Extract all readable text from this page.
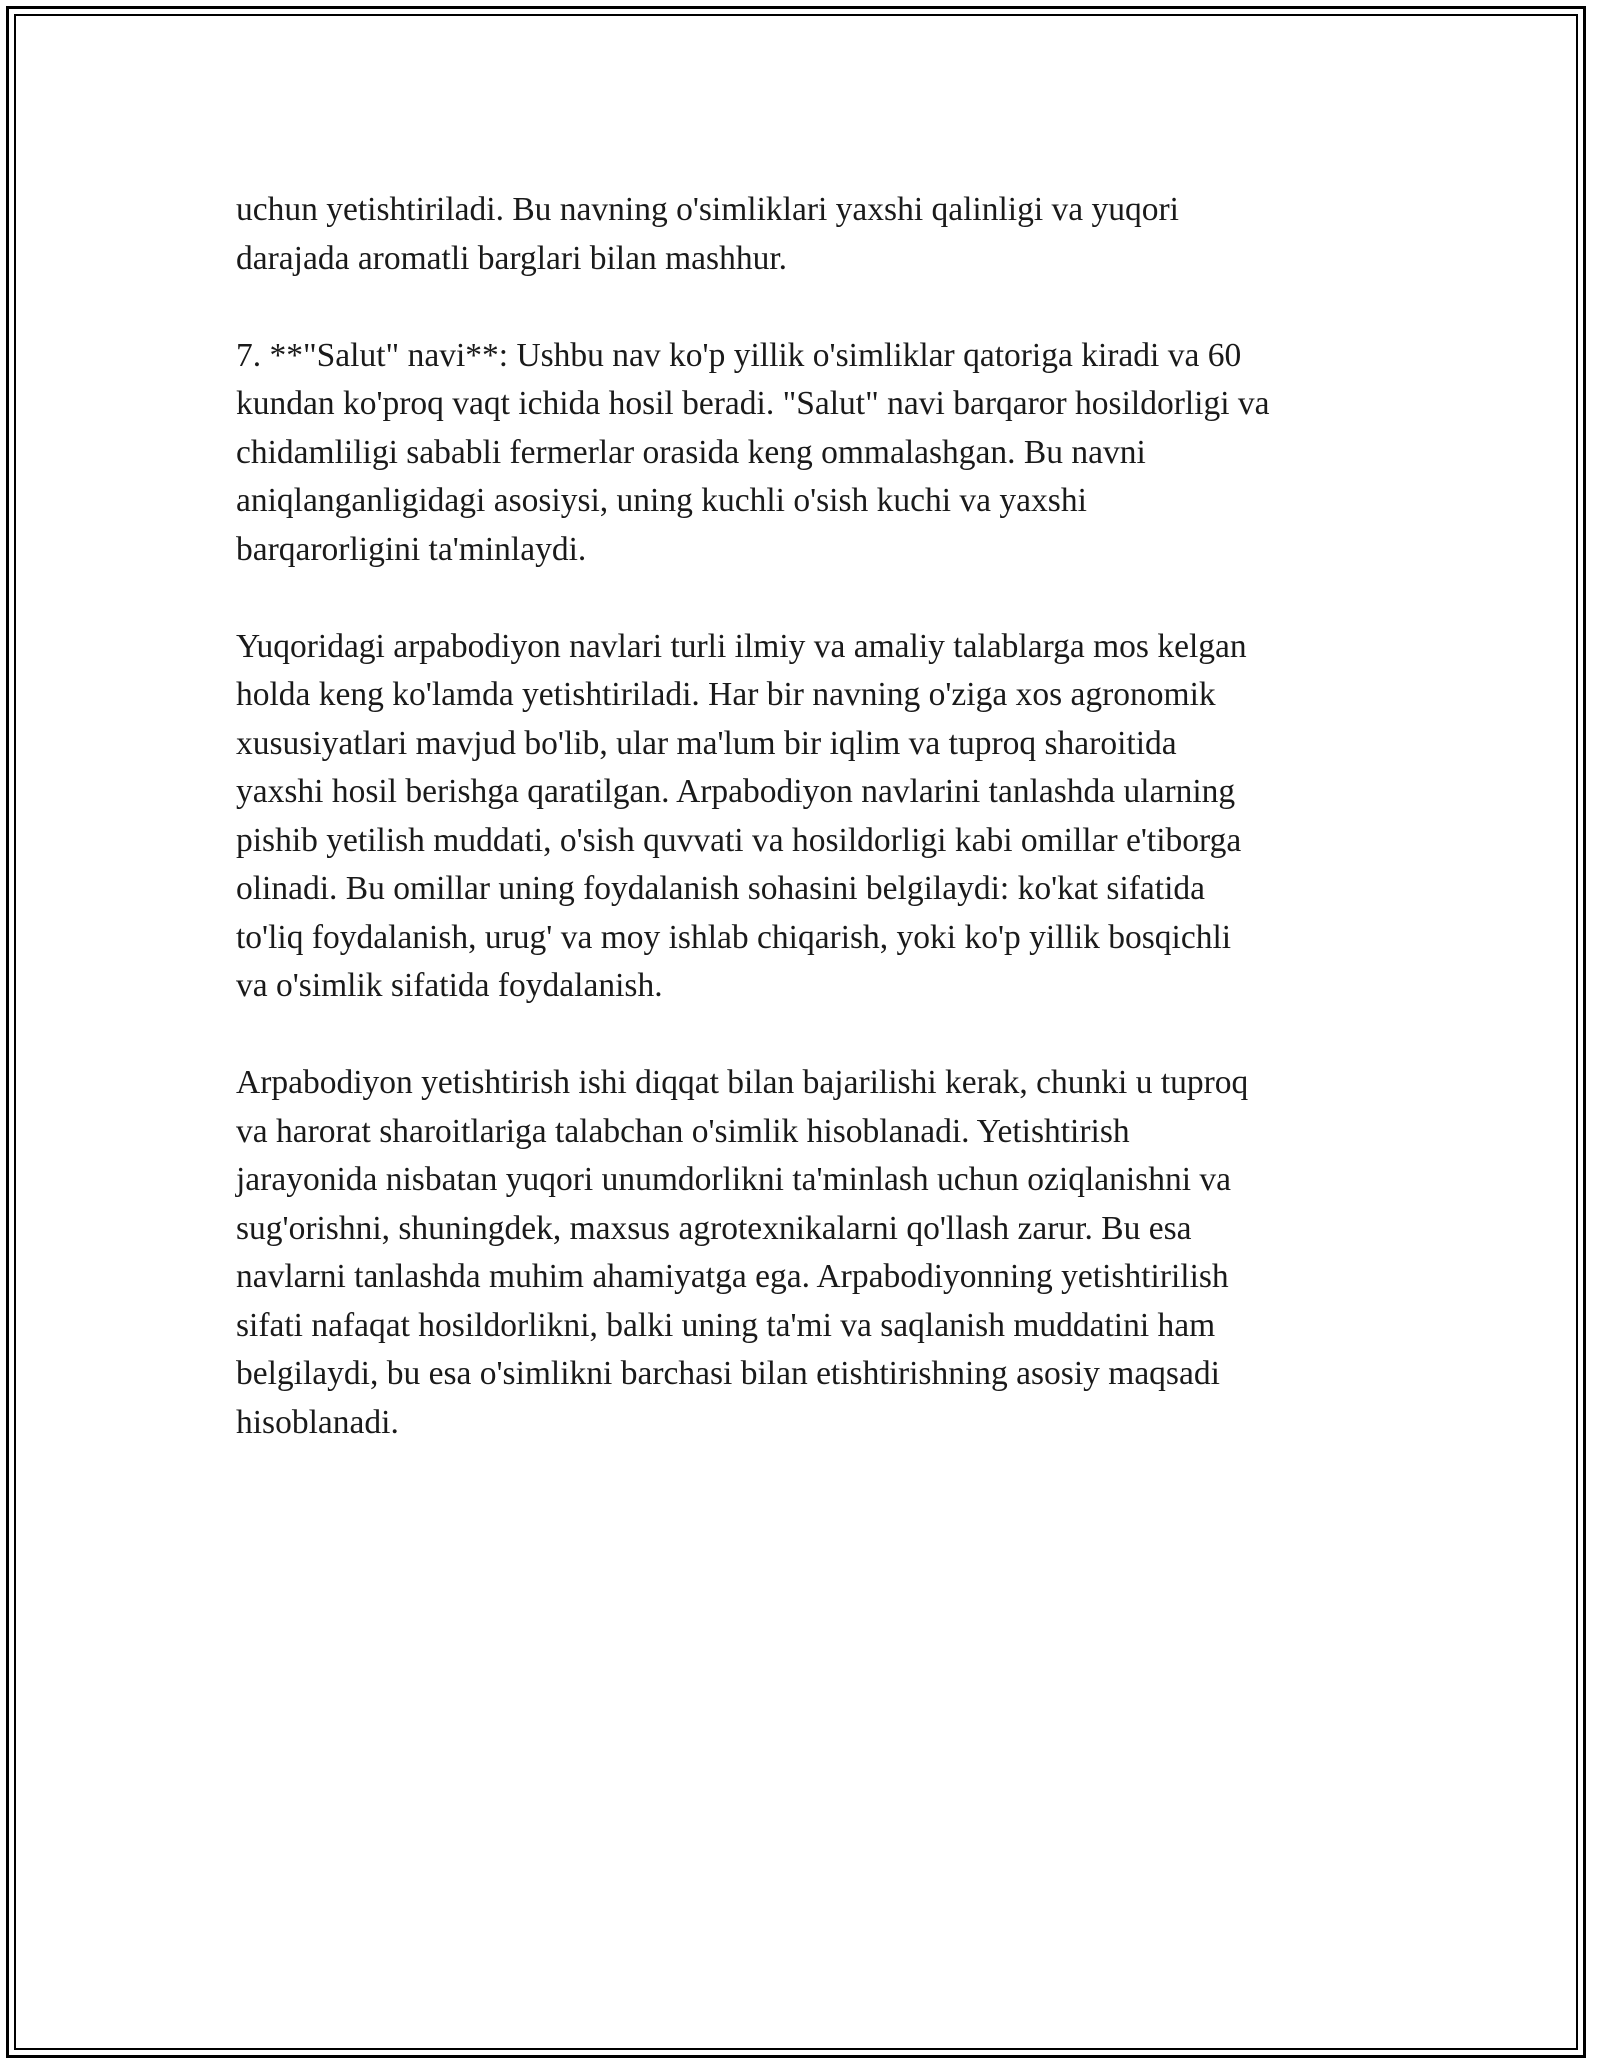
uchun yetishtiriladi. Bu navning o'simliklari yaxshi qalinligi va yuqori
darajada aromatli barglari bilan mashhur.

7. **"Salut" navi**: Ushbu nav ko'p yillik o'simliklar qatoriga kiradi va 60
kundan ko'proq vaqt ichida hosil beradi. "Salut" navi barqaror hosildorligi va
chidamliligi sababli fermerlar orasida keng ommalashgan. Bu navni
aniqlanganligidagi asosiysi, uning kuchli o'sish kuchi va yaxshi
barqarorligini ta'minlaydi.

Yuqoridagi arpabodiyon navlari turli ilmiy va amaliy talablarga mos kelgan
holda keng ko'lamda yetishtiriladi. Har bir navning o'ziga xos agronomik
xususiyatlari mavjud bo'lib, ular ma'lum bir iqlim va tuproq sharoitida
yaxshi hosil berishga qaratilgan. Arpabodiyon navlarini tanlashda ularning
pishib yetilish muddati, o'sish quvvati va hosildorligi kabi omillar e'tiborga
olinadi. Bu omillar uning foydalanish sohasini belgilaydi: ko'kat sifatida
to'liq foydalanish, urug' va moy ishlab chiqarish, yoki ko'p yillik bosqichli
va o'simlik sifatida foydalanish.

Arpabodiyon yetishtirish ishi diqqat bilan bajarilishi kerak, chunki u tuproq
va harorat sharoitlariga talabchan o'simlik hisoblanadi. Yetishtirish
jarayonida nisbatan yuqori unumdorlikni ta'minlash uchun oziqlanishni va
sug'orishni, shuningdek, maxsus agrotexnikalarni qo'llash zarur. Bu esa
navlarni tanlashda muhim ahamiyatga ega. Arpabodiyonning yetishtirilish
sifati nafaqat hosildorlikni, balki uning ta'mi va saqlanish muddatini ham
belgilaydi, bu esa o'simlikni barchasi bilan etishtirishning asosiy maqsadi
hisoblanadi.
